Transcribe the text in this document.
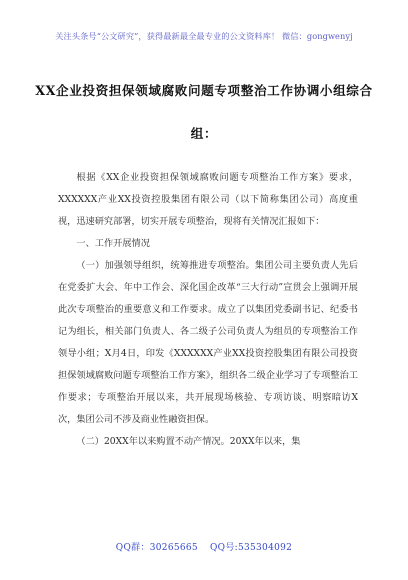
关注头条号“公文研究”，获得最新最全最专业的公文资料库！ 微信：gongwenyj
XX企业投资担保领域腐败问题专项整治工作协调小组综合
组：

根据《XX企业投资担保领域腐败问题专项整治工作方案》要求，XXXXXX产业XX投资控股集团有限公司（以下简称集团公司）高度重视，迅速研究部署，切实开展专项整治，现将有关情况汇报如下：

一、工作开展情况

（一）加强领导组织，统筹推进专项整治。集团公司主要负责人先后在党委扩大会、年中工作会、深化国企改革“三大行动”宣贯会上强调开展此次专项整治的重要意义和工作要求。成立了以集团党委副书记、纪委书记为组长，相关部门负责人、各二级子公司负责人为组员的专项整治工作领导小组；X月4日，印发《XXXXXX产业XX投资控股集团有限公司投资担保领域腐败问题专项整治工作方案》，组织各二级企业学习了专项整治工作要求；专项整治开展以来，共开展现场核验、专项访谈、明察暗访X次，集团公司不涉及商业性融资担保。

（二）20XX年以来购置不动产情况。20XX年以来，集

QQ群：30265665 QQ号:535304092
